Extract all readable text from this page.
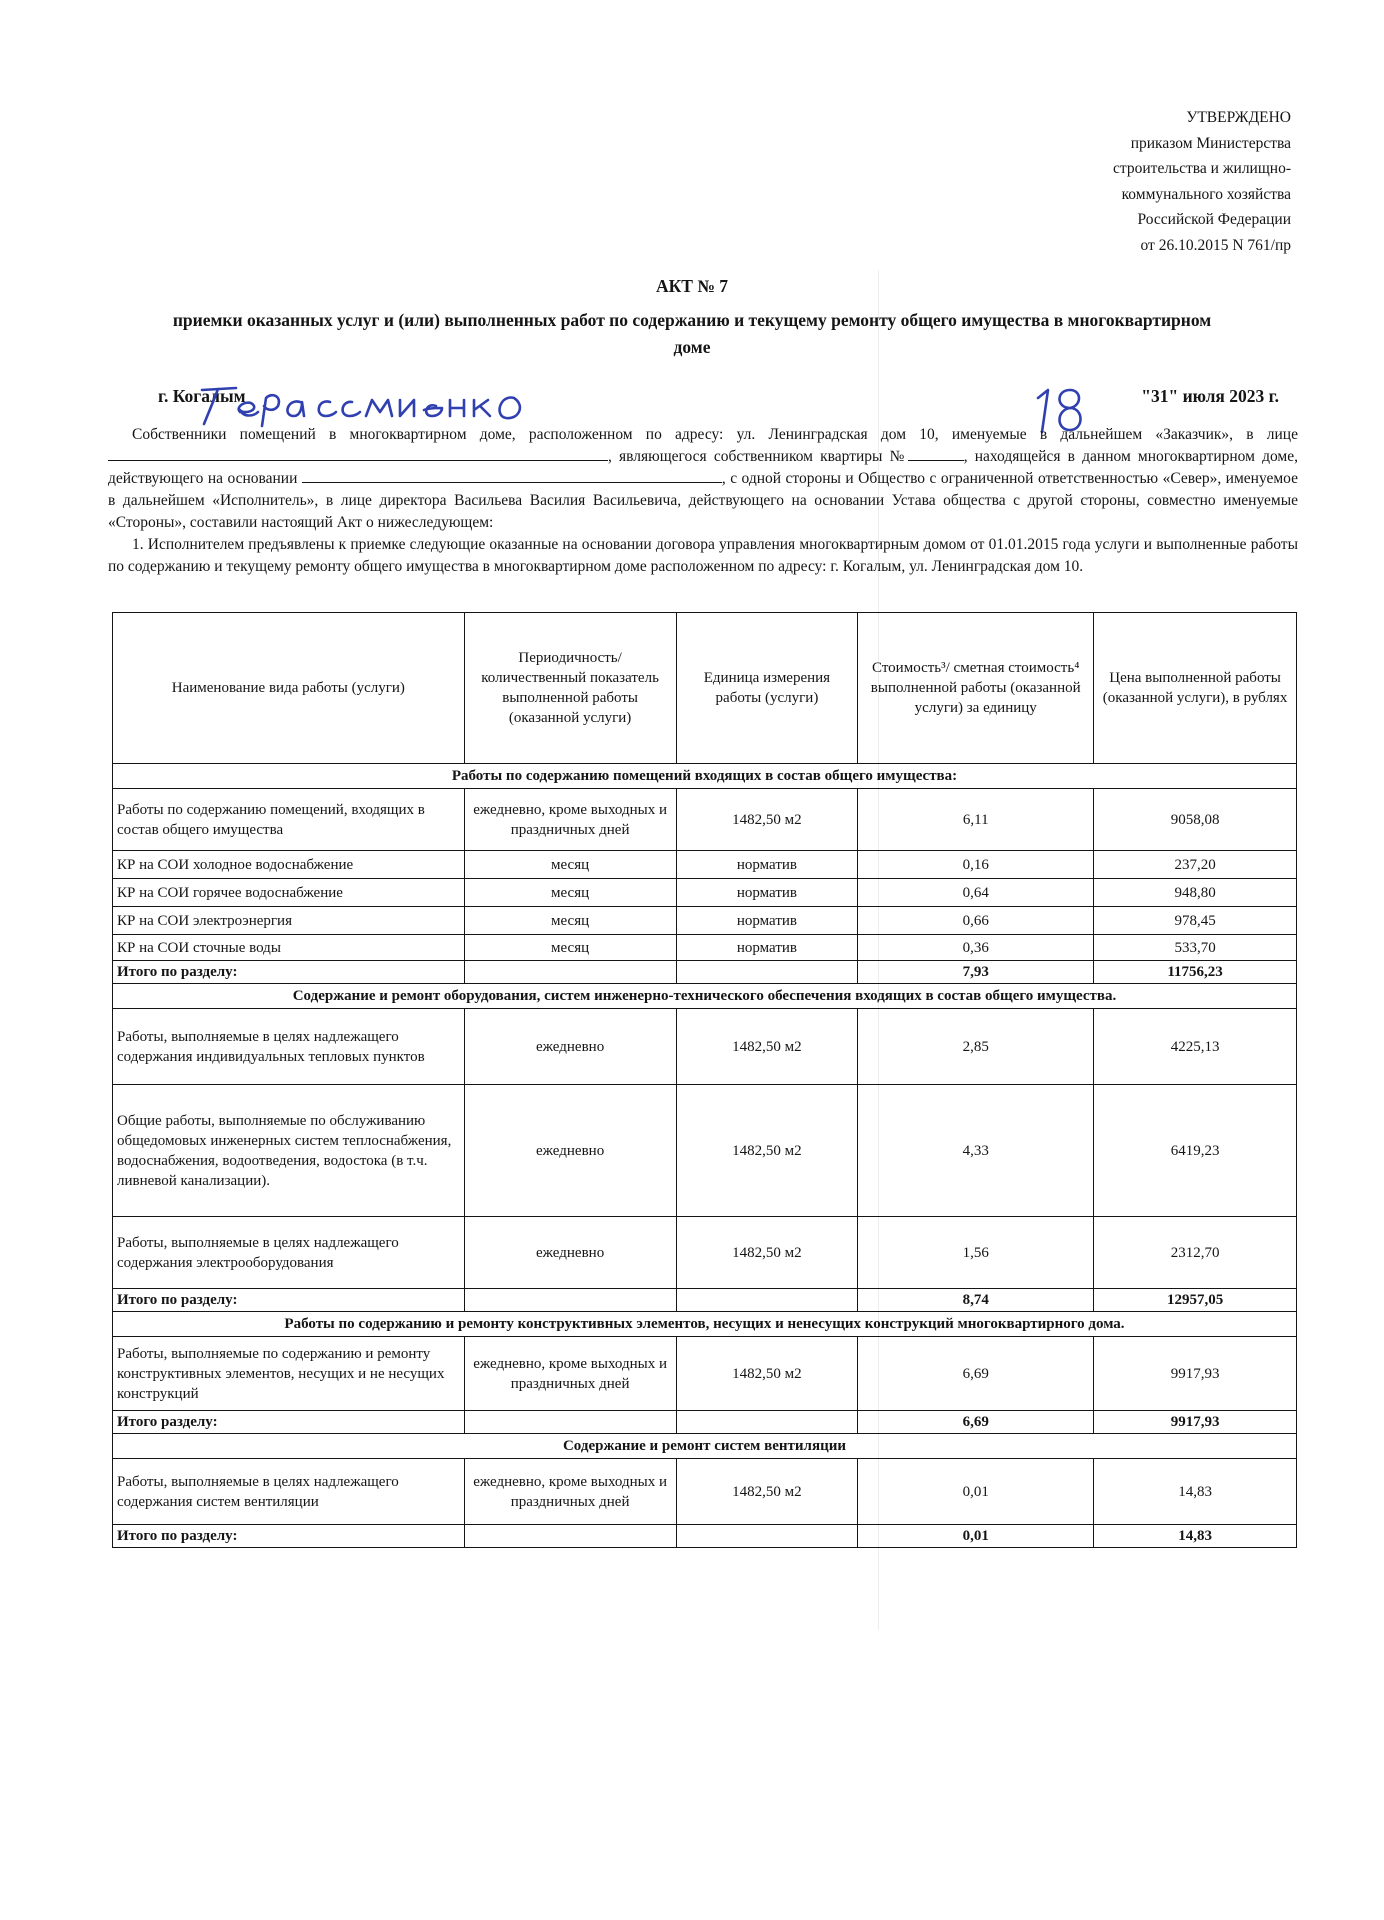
УТВЕРЖДЕНО
приказом Министерства
строительства и жилищно-
коммунального хозяйства
Российской Федерации
от 26.10.2015 N 761/пр
АКТ № 7
приемки оказанных услуг и (или) выполненных работ по содержанию и текущему ремонту общего имущества в многоквартирном доме
г. Когалым	"31" июля 2023 г.

Собственники помещений в многоквартирном доме, расположенном по адресу: ул. Ленинградская дом 10, именуемые в дальнейшем «Заказчик», в лице , являющегося собственником квартиры №	, находящейся в данном многоквартирном доме, действующего на основании	, с одной стороны и Общество с ограниченной ответственностью «Север», именуемое в дальнейшем «Исполнитель», в лице директора Васильева Василия Васильевича, действующего на основании Устава общества с другой стороны, совместно именуемые «Стороны», составили настоящий Акт о нижеследующем:

1. Исполнителем предъявлены к приемке следующие оказанные на основании договора управления многоквартирным домом от 01.01.2015 года услуги и выполненные работы по содержанию и текущему ремонту общего имущества в многоквартирном доме расположенном по адресу: г. Когалым, ул. Ленинградская дом 10.

Наименование вида работы (услуги)	Периодичность/ количественный показатель выполненной работы (оказанной услуги)	Единица измерения работы (услуги)	Стоимость³/ сметная стоимость⁴ выполненной работы (оказанной услуги) за единицу	Цена выполненной работы (оказанной услуги), в рублях
Работы по содержанию помещений входящих в состав общего имущества:				
Работы по содержанию помещений, входящих в состав общего имущества	ежедневно, кроме выходных и праздничных дней	1482,50 м2	6,11	9058,08
КР на СОИ холодное водоснабжение	месяц	норматив	0,16	237,20
КР на СОИ горячее водоснабжение	месяц	норматив	0,64	948,80
КР на СОИ электроэнергия	месяц	норматив	0,66	978,45
КР на СОИ сточные воды	месяц	норматив	0,36	533,70
Итого по разделу:			7,93	11756,23
Содержание и ремонт оборудования, систем инженерно-технического обеспечения входящих в состав общего имущества.				
Работы, выполняемые в целях надлежащего содержания индивидуальных тепловых пунктов	ежедневно	1482,50 м2	2,85	4225,13
Общие работы, выполняемые по обслуживанию общедомовых инженерных систем теплоснабжения, водоснабжения, водоотведения, водостока (в т.ч. ливневой канализации).	ежедневно	1482,50 м2	4,33	6419,23
Работы, выполняемые в целях надлежащего содержания электрооборудования	ежедневно	1482,50 м2	1,56	2312,70
Итого по разделу:			8,74	12957,05
Работы по содержанию и ремонту конструктивных элементов, несущих и ненесущих конструкций многоквартирного дома.				
Работы, выполняемые по содержанию и ремонту конструктивных элементов, несущих и не несущих конструкций	ежедневно, кроме выходных и праздничных дней	1482,50 м2	6,69	9917,93
Итого разделу:			6,69	9917,93
Содержание и ремонт систем вентиляции				
Работы, выполняемые в целях надлежащего содержания систем вентиляции	ежедневно, кроме выходных и праздничных дней	1482,50 м2	0,01	14,83
Итого по разделу:			0,01	14,83
